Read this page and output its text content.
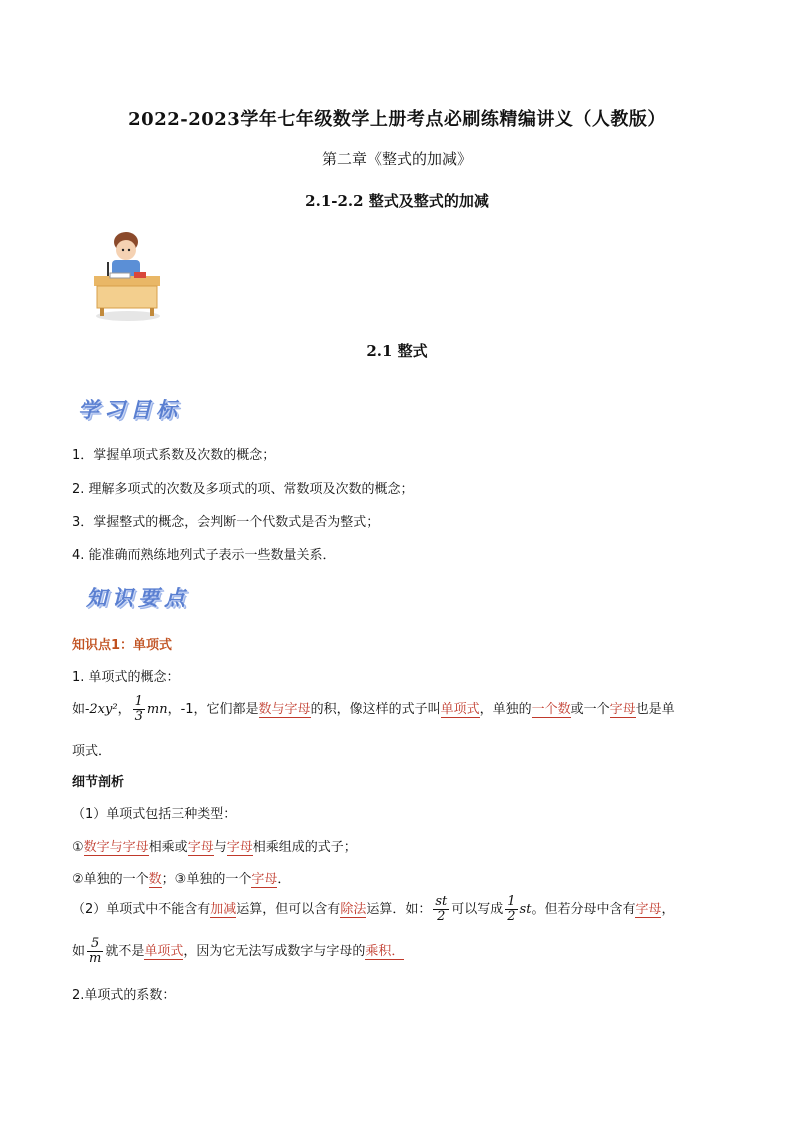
2022-2023学年七年级数学上册考点必刷练精编讲义（人教版）
第二章《整式的加减》
2.1-2.2 整式及整式的加减
2.1 整式
学习目标
1．掌握单项式系数及次数的概念；
2. 理解多项式的次数及多项式的项、常数项及次数的概念；
3．掌握整式的概念，会判断一个代数式是否为整式；
4. 能准确而熟练地列式子表示一些数量关系．
知识要点
知识点1：单项式
1. 单项式的概念：
如-2xy²， $\frac{1}{3}$ mn，-1，它们都是数与字母的积，像这样的式子叫单项式，单独的一个数或一个字母也是单
项式．
细节剖析
（1）单项式包括三种类型：
①数字与字母相乘或字母与字母相乘组成的式子；
②单独的一个数；③单独的一个字母．
（2）单项式中不能含有加减运算，但可以含有除法运算．如： $\frac{st}{2}$ 可以写成 $\frac{1}{2}$ st。但若分母中含有字母，
如 $\frac{5}{m}$ 就不是单项式，因为它无法写成数字与字母的乘积．
2.单项式的系数：
